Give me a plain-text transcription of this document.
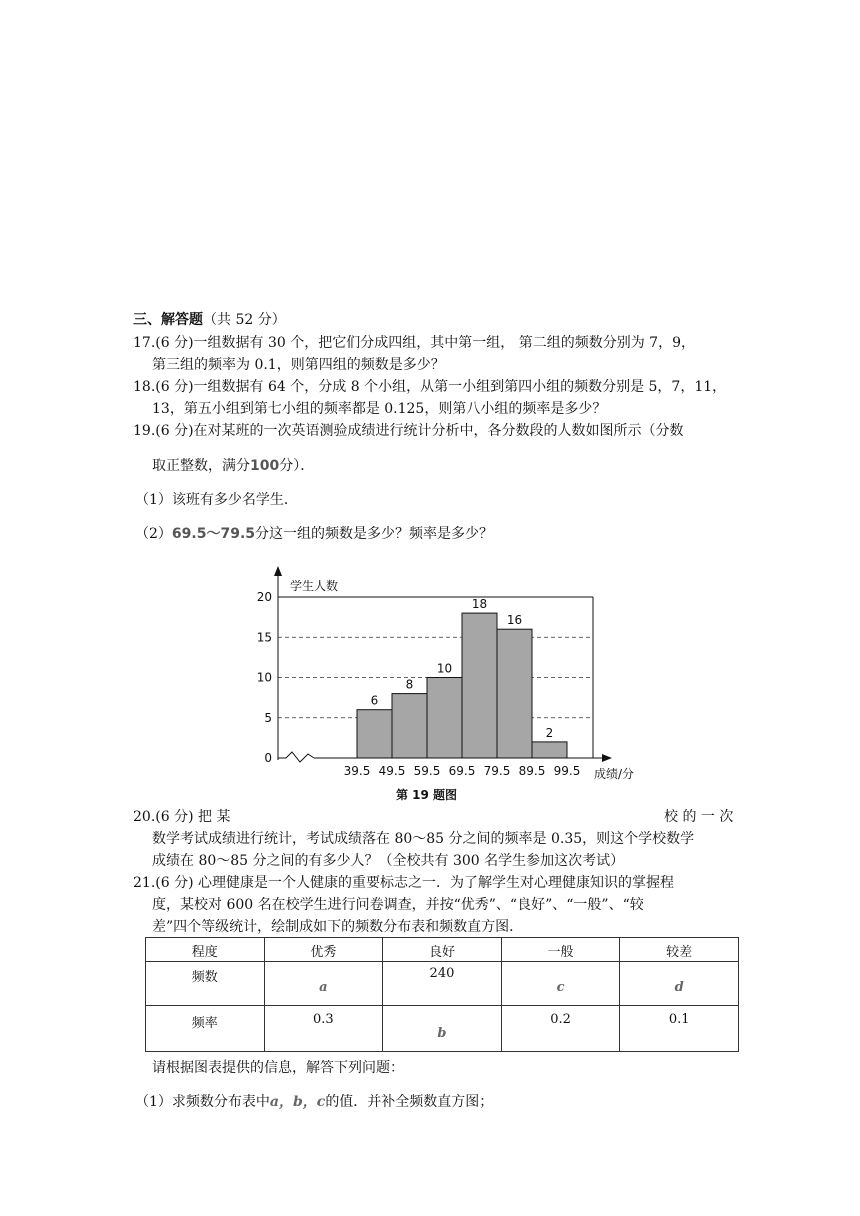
三、解答题（共 52 分）
17.(6 分)一组数据有 30 个，把它们分成四组，其中第一组， 第二组的频数分别为 7，9，
第三组的频率为 0.1，则第四组的频数是多少？
18.(6 分)一组数据有 64 个，分成 8 个小组，从第一小组到第四小组的频数分别是 5，7，11，
13，第五小组到第七小组的频率都是 0.125，则第八小组的频率是多少？
19.(6 分)在对某班的一次英语测验成绩进行统计分析中，各分数段的人数如图所示（分数
取正整数，满分100分）．
（1）该班有多少名学生．
（2）69.5～79.5分这一组的频数是多少？频率是多少？
0
5
10
15
20
6
8
10
18
16
2
39.5 49.5 59.5 69.5 79.5 89.5 99.5
学生人数
成绩/分
第 19 题图
20.(6 分) 把 某	校 的 一 次
数学考试成绩进行统计，考试成绩落在 80～85 分之间的频率是 0.35，则这个学校数学
成绩在 80～85 分之间的有多少人？（全校共有 300 名学生参加这次考试）
21.(6 分) 心理健康是一个人健康的重要标志之一．为了解学生对心理健康知识的掌握程
度，某校对 600 名在校学生进行问卷调查，并按“优秀”、“良好”、“一般”、“较
差”四个等级统计，绘制成如下的频数分布表和频数直方图．
程度	优秀	良好	一般	较差
频数	a	240	c	d

频率	0.3	b	0.2	0.1
请根据图表提供的信息，解答下列问题：
（1）求频数分布表中a，b，c的值．并补全频数直方图；
